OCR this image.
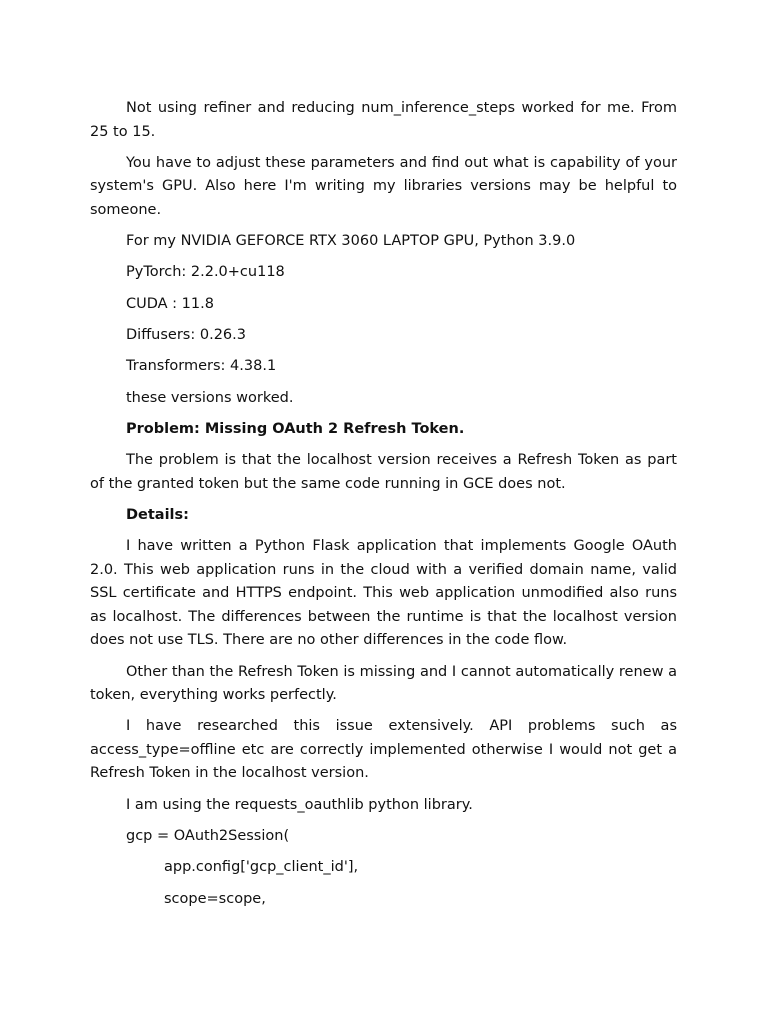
Not using refiner and reducing num_inference_steps worked for me. From 25 to 15.

You have to adjust these parameters and find out what is capability of your system's GPU. Also here I'm writing my libraries versions may be helpful to someone.

For my NVIDIA GEFORCE RTX 3060 LAPTOP GPU, Python 3.9.0

PyTorch: 2.2.0+cu118

CUDA : 11.8

Diffusers: 0.26.3

Transformers: 4.38.1

these versions worked.

Problem: Missing OAuth 2 Refresh Token.

The problem is that the localhost version receives a Refresh Token as part of the granted token but the same code running in GCE does not.

Details:

I have written a Python Flask application that implements Google OAuth 2.0. This web application runs in the cloud with a verified domain name, valid SSL certificate and HTTPS endpoint. This web application unmodified also runs as localhost. The differences between the runtime is that the localhost version does not use TLS. There are no other differences in the code flow.

Other than the Refresh Token is missing and I cannot automatically renew a token, everything works perfectly.

I have researched this issue extensively. API problems such as access_type=offline etc are correctly implemented otherwise I would not get a Refresh Token in the localhost version.

I am using the requests_oauthlib python library.

gcp = OAuth2Session(

app.config['gcp_client_id'],

scope=scope,
